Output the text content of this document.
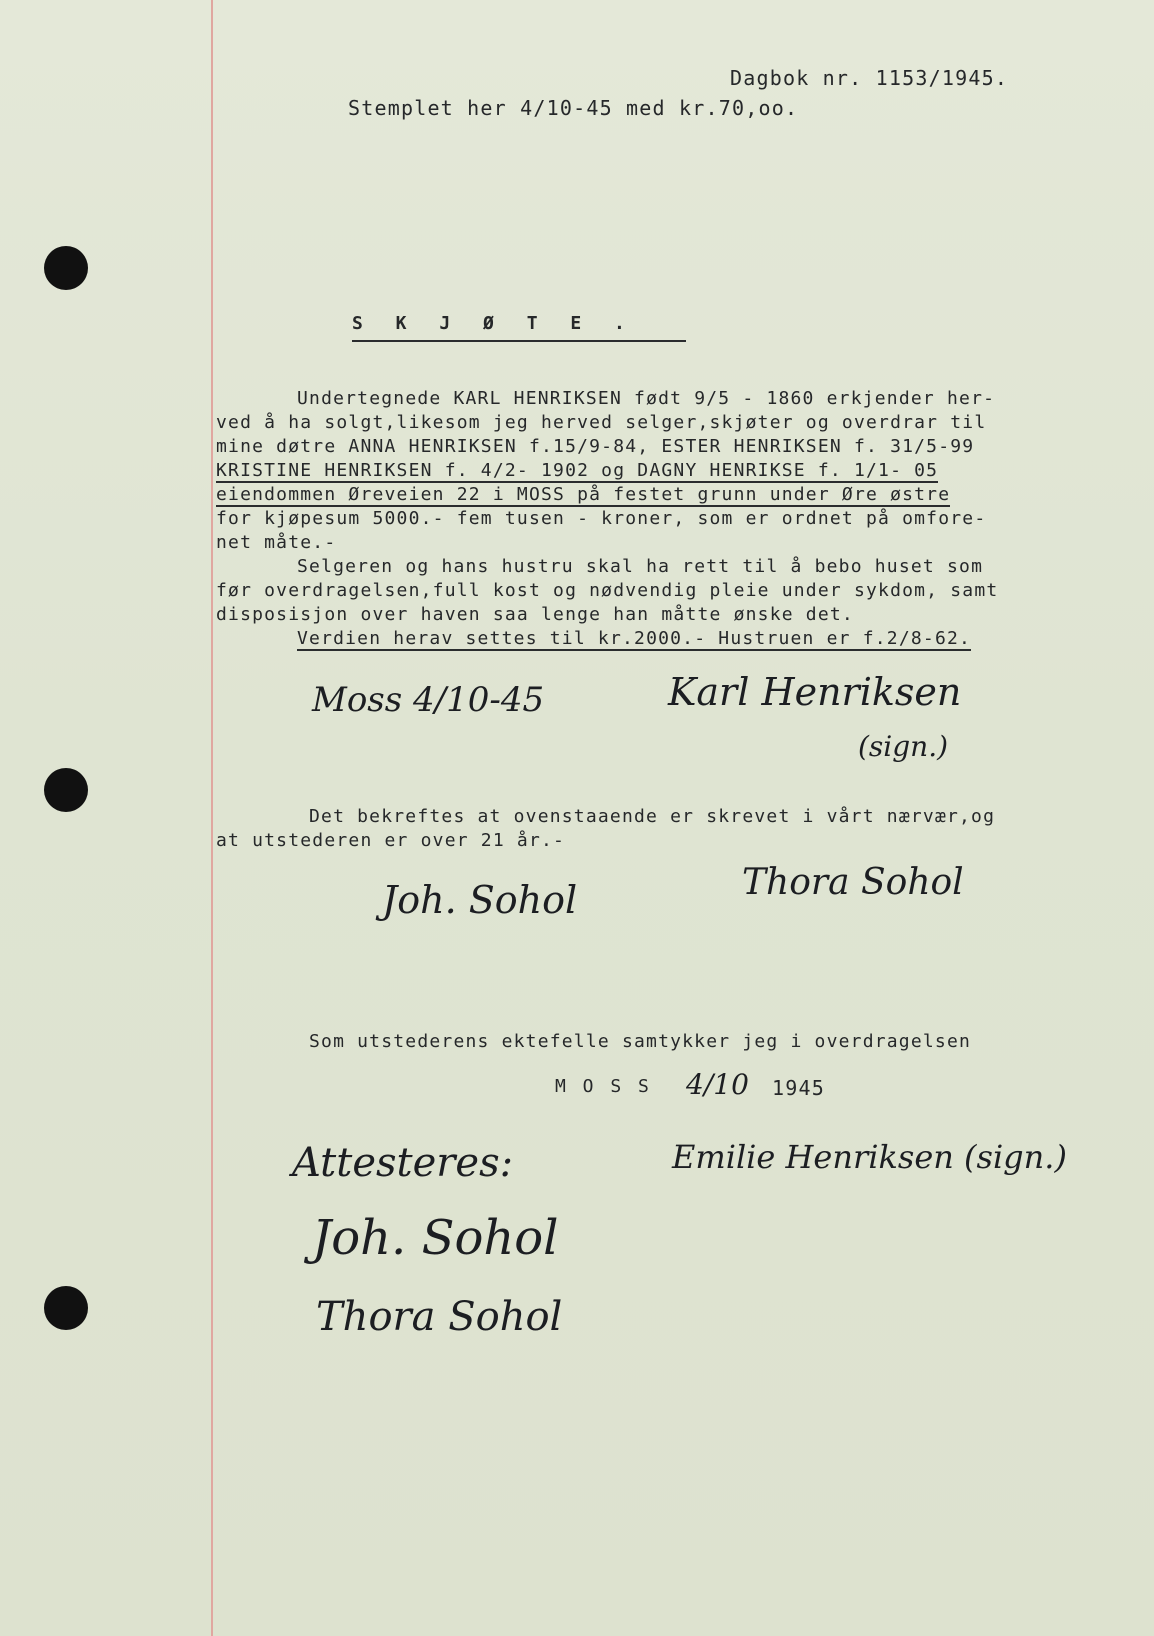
Dagbok nr. 1153/1945.
Stemplet her 4/10-45 med kr.70,oo.
S K J Ø T E .
Undertegnede KARL HENRIKSEN født 9/5 - 1860 erkjender her-
ved å ha solgt,likesom jeg herved selger,skjøter og overdrar til
mine døtre ANNA HENRIKSEN f.15/9-84, ESTER HENRIKSEN f. 31/5-99
KRISTINE HENRIKSEN f. 4/2- 1902 og DAGNY HENRIKSE f. 1/1- 05
eiendommen Øreveien 22 i MOSS på festet grunn under Øre østre
for kjøpesum 5000.- fem tusen - kroner, som er ordnet på omfore-
net måte.-
Selgeren og hans hustru skal ha rett til å bebo huset som
før overdragelsen,full kost og nødvendig pleie under sykdom, samt
disposisjon over haven saa lenge han måtte ønske det.
Verdien herav settes til kr.2000.- Hustruen er f.2/8-62.
Moss 4/10-45	Karl Henriksen
(sign.)
Det bekreftes at ovenstaaende er skrevet i vårt nærvær,og
at utstederen er over 21 år.-
Joh. Sohol	Thora Sohol
Som utstederens ektefelle samtykker jeg i overdragelsen
M O S S 4/10 1945
Emilie Henriksen (sign.)
Attesteres:
Joh. Sohol
Thora Sohol
